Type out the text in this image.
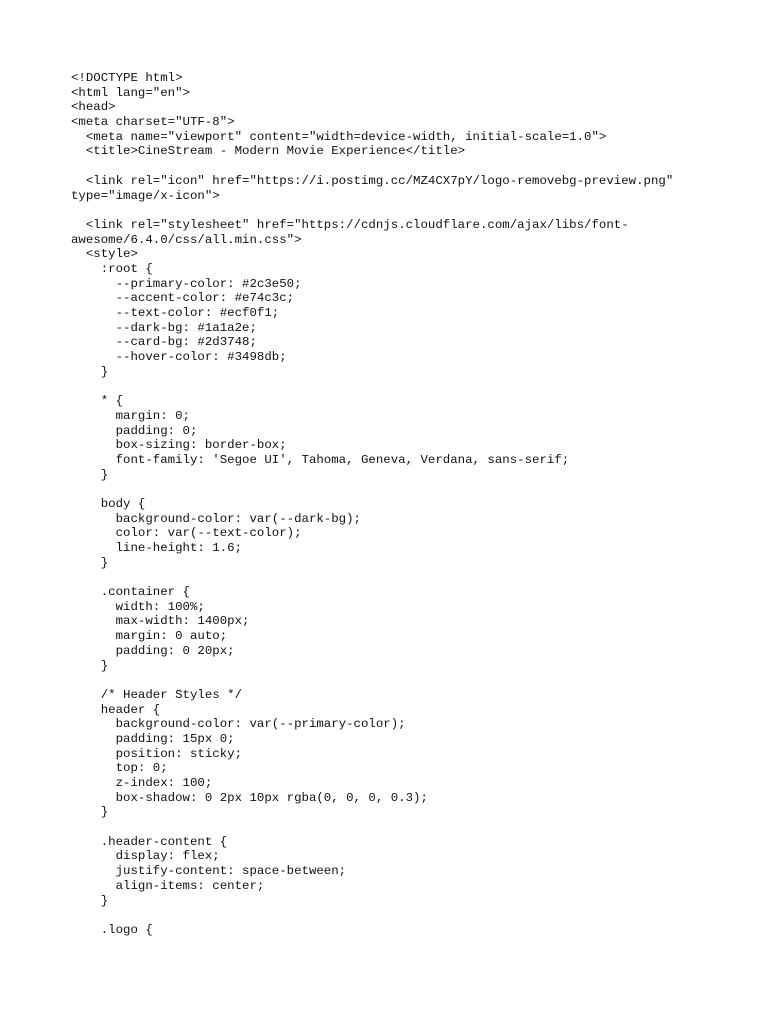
<!DOCTYPE html>
<html lang="en">
<head>
<meta charset="UTF-8">
<meta name="viewport" content="width=device-width, initial-scale=1.0">
<title>CineStream - Modern Movie Experience</title>
<link rel="icon" href="https://i.postimg.cc/MZ4CX7pY/logo-removebg-preview.png"
type="image/x-icon">
<link rel="stylesheet" href="https://cdnjs.cloudflare.com/ajax/libs/font-
awesome/6.4.0/css/all.min.css">
<style>
:root {
--primary-color: #2c3e50;
--accent-color: #e74c3c;
--text-color: #ecf0f1;
--dark-bg: #1a1a2e;
--card-bg: #2d3748;
--hover-color: #3498db;
}
* {
margin: 0;
padding: 0;
box-sizing: border-box;
font-family: 'Segoe UI', Tahoma, Geneva, Verdana, sans-serif;
}
body {
background-color: var(--dark-bg);
color: var(--text-color);
line-height: 1.6;
}
.container {
width: 100%;
max-width: 1400px;
margin: 0 auto;
padding: 0 20px;
}
/* Header Styles */
header {
background-color: var(--primary-color);
padding: 15px 0;
position: sticky;
top: 0;
z-index: 100;
box-shadow: 0 2px 10px rgba(0, 0, 0, 0.3);
}
.header-content {
display: flex;
justify-content: space-between;
align-items: center;
}
.logo {
